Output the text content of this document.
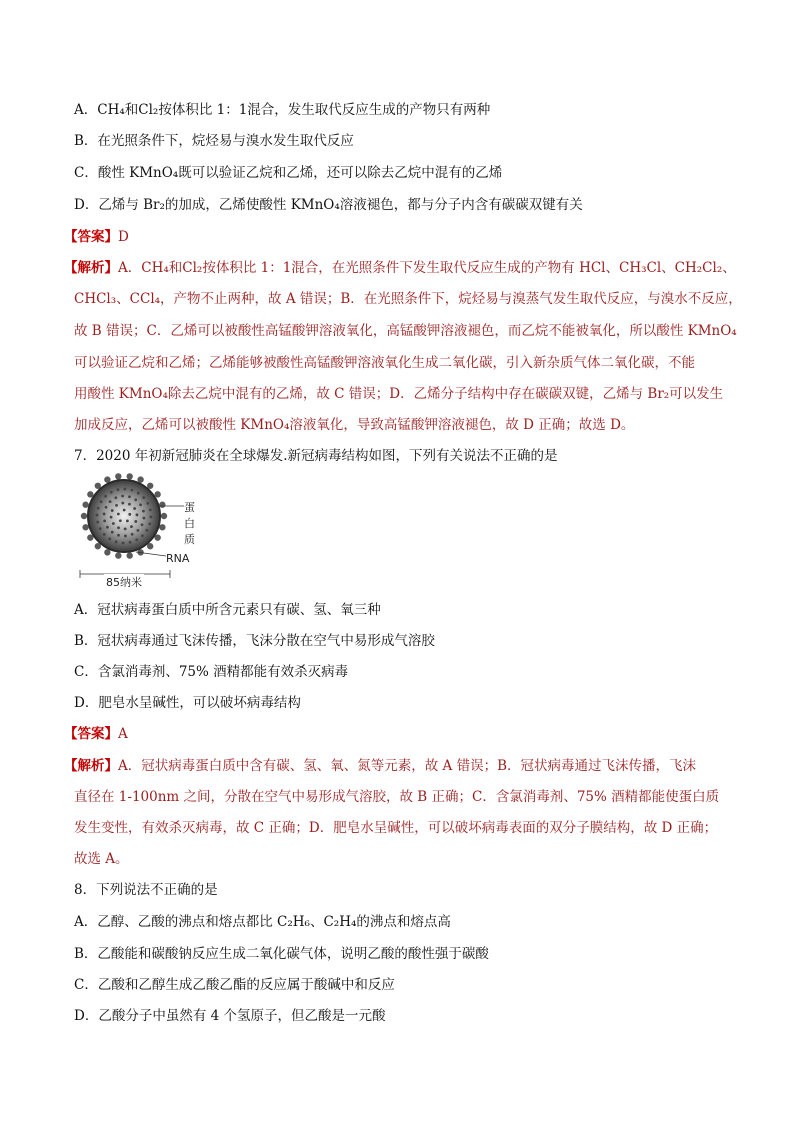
A．CH₄和Cl₂按体积比 1：1混合，发生取代反应生成的产物只有两种
B．在光照条件下，烷烃易与溴水发生取代反应
C．酸性 KMnO₄既可以验证乙烷和乙烯，还可以除去乙烷中混有的乙烯
D．乙烯与 Br₂的加成，乙烯使酸性 KMnO₄溶液褪色，都与分子内含有碳碳双键有关
【答案】D
【解析】A．CH₄和Cl₂按体积比 1：1混合，在光照条件下发生取代反应生成的产物有 HCl、CH₃Cl、CH₂Cl₂、
CHCl₃、CCl₄，产物不止两种，故 A 错误；B．在光照条件下，烷烃易与溴蒸气发生取代反应，与溴水不反应，
故 B 错误；C．乙烯可以被酸性高锰酸钾溶液氧化，高锰酸钾溶液褪色，而乙烷不能被氧化，所以酸性 KMnO₄
可以验证乙烷和乙烯；乙烯能够被酸性高锰酸钾溶液氧化生成二氧化碳，引入新杂质气体二氧化碳，不能
用酸性 KMnO₄除去乙烷中混有的乙烯，故 C 错误；D．乙烯分子结构中存在碳碳双键，乙烯与 Br₂可以发生
加成反应，乙烯可以被酸性 KMnO₄溶液氧化，导致高锰酸钾溶液褪色，故 D 正确；故选 D。
7．2020 年初新冠肺炎在全球爆发.新冠病毒结构如图，下列有关说法不正确的是
蛋白质
RNA
85纳米
A．冠状病毒蛋白质中所含元素只有碳、氢、氧三种
B．冠状病毒通过飞沫传播，飞沫分散在空气中易形成气溶胶
C．含氯消毒剂、75% 酒精都能有效杀灭病毒
D．肥皂水呈碱性，可以破坏病毒结构
【答案】A
【解析】A．冠状病毒蛋白质中含有碳、氢、氧、氮等元素，故 A 错误；B．冠状病毒通过飞沫传播，飞沫
直径在 1-100nm 之间，分散在空气中易形成气溶胶，故 B 正确；C．含氯消毒剂、75% 酒精都能使蛋白质
发生变性，有效杀灭病毒，故 C 正确；D．肥皂水呈碱性，可以破坏病毒表面的双分子膜结构，故 D 正确；
故选 A。
8．下列说法不正确的是
A．乙醇、乙酸的沸点和熔点都比 C₂H₆、C₂H₄的沸点和熔点高
B．乙酸能和碳酸钠反应生成二氧化碳气体，说明乙酸的酸性强于碳酸
C．乙酸和乙醇生成乙酸乙酯的反应属于酸碱中和反应
D．乙酸分子中虽然有 4 个氢原子，但乙酸是一元酸
